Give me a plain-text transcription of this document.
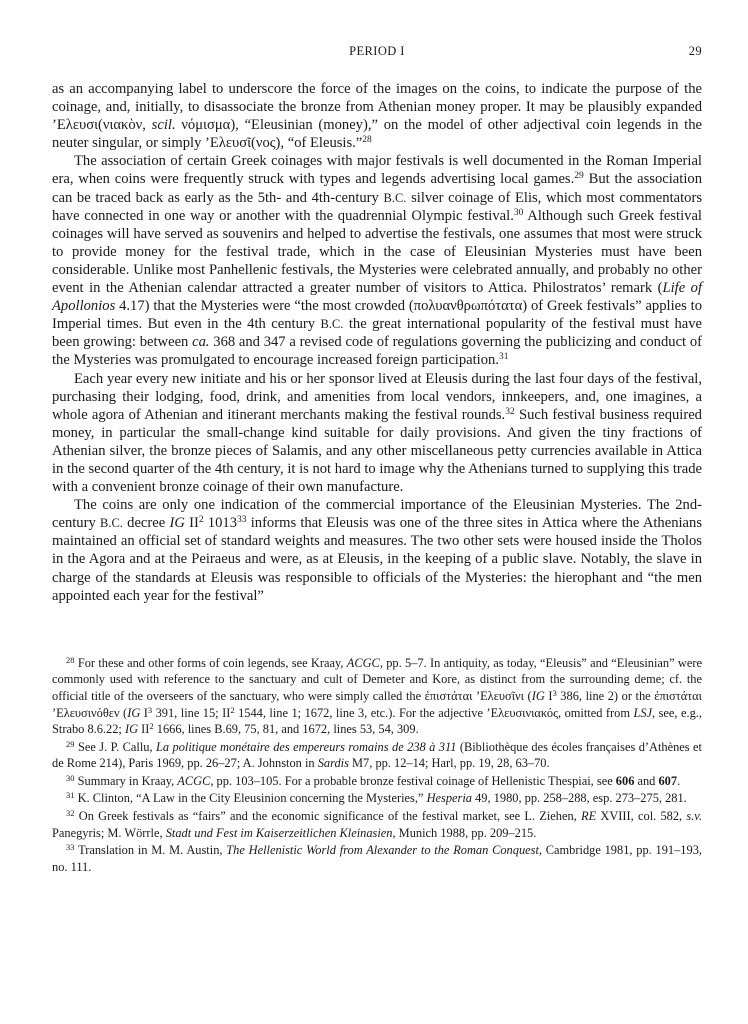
PERIOD I	29

as an accompanying label to underscore the force of the images on the coins, to indicate the purpose of the coinage, and, initially, to disassociate the bronze from Athenian money proper. It may be plausibly expanded ’Ελευσι(νιακὸν, scil. νόμισμα), “Eleusinian (money),” on the model of other adjectival coin legends in the neuter singular, or simply ’Ελευσῖ(νος), “of Eleusis.”$^{28}$

The association of certain Greek coinages with major festivals is well documented in the Roman Imperial era, when coins were frequently struck with types and legends advertising local games.$^{29}$ But the association can be traced back as early as the 5th- and 4th-century B.C. silver coinage of Elis, which most commentators have connected in one way or another with the quadrennial Olympic festival.$^{30}$ Although such Greek festival coinages will have served as souvenirs and helped to advertise the festivals, one assumes that most were struck to provide money for the festival trade, which in the case of Eleusinian Mysteries must have been considerable. Unlike most Panhellenic festivals, the Mysteries were celebrated annually, and probably no other event in the Athenian calendar attracted a greater number of visitors to Attica. Philostratos’ remark (Life of Apollonios 4.17) that the Mysteries were “the most crowded (πολυανθρωπότατα) of Greek festivals” applies to Imperial times. But even in the 4th century B.C. the great international popularity of the festival must have been growing: between ca. 368 and 347 a revised code of regulations governing the publicizing and conduct of the Mysteries was promulgated to encourage increased foreign participation.$^{31}$

Each year every new initiate and his or her sponsor lived at Eleusis during the last four days of the festival, purchasing their lodging, food, drink, and amenities from local vendors, innkeepers, and, one imagines, a whole agora of Athenian and itinerant merchants making the festival rounds.$^{32}$ Such festival business required money, in particular the small-change kind suitable for daily provisions. And given the tiny fractions of Athenian silver, the bronze pieces of Salamis, and any other miscellaneous petty currencies available in Attica in the second quarter of the 4th century, it is not hard to image why the Athenians turned to supplying this trade with a convenient bronze coinage of their own manufacture.

The coins are only one indication of the commercial importance of the Eleusinian Mysteries. The 2nd-century B.C. decree IG $II^2$ 1013$^{33}$ informs that Eleusis was one of the three sites in Attica where the Athenians maintained an official set of standard weights and measures. The two other sets were housed inside the Tholos in the Agora and at the Peiraeus and were, as at Eleusis, in the keeping of a public slave. Notably, the slave in charge of the standards at Eleusis was responsible to officials of the Mysteries: the hierophant and “the men appointed each year for the festival”

$^{28}$ For these and other forms of coin legends, see Kraay, ACGC, pp. 5–7. In antiquity, as today, “Eleusis” and “Eleusinian” were commonly used with reference to the sanctuary and cult of Demeter and Kore, as distinct from the surrounding deme; cf. the official title of the overseers of the sanctuary, who were simply called the ἐπιστάται ’Ελευσῖνι (IG $I^3$ 386, line 2) or the ἐπιστάται ’Ελευσινόθεν (IG $I^3$ 391, line 15; $II^2$ 1544, line 1; 1672, line 3, etc.). For the adjective ’Ελευσινιακός, omitted from LSJ, see, e.g., Strabo 8.6.22; IG $II^2$ 1666, lines B.69, 75, 81, and 1672, lines 53, 54, 309.

$^{29}$ See J. P. Callu, La politique monétaire des empereurs romains de 238 à 311 (Bibliothèque des écoles françaises d’Athènes et de Rome 214), Paris 1969, pp. 26–27; A. Johnston in Sardis M7, pp. 12–14; Harl, pp. 19, 28, 63–70.

$^{30}$ Summary in Kraay, ACGC, pp. 103–105. For a probable bronze festival coinage of Hellenistic Thespiai, see 606 and 607.

$^{31}$ K. Clinton, “A Law in the City Eleusinion concerning the Mysteries,” Hesperia 49, 1980, pp. 258–288, esp. 273–275, 281.

$^{32}$ On Greek festivals as “fairs” and the economic significance of the festival market, see L. Ziehen, RE XVIII, col. 582, s.v. Panegyris; M. Wörrle, Stadt und Fest im Kaiserzeitlichen Kleinasien, Munich 1988, pp. 209–215.

$^{33}$ Translation in M. M. Austin, The Hellenistic World from Alexander to the Roman Conquest, Cambridge 1981, pp. 191–193, no. 111.
